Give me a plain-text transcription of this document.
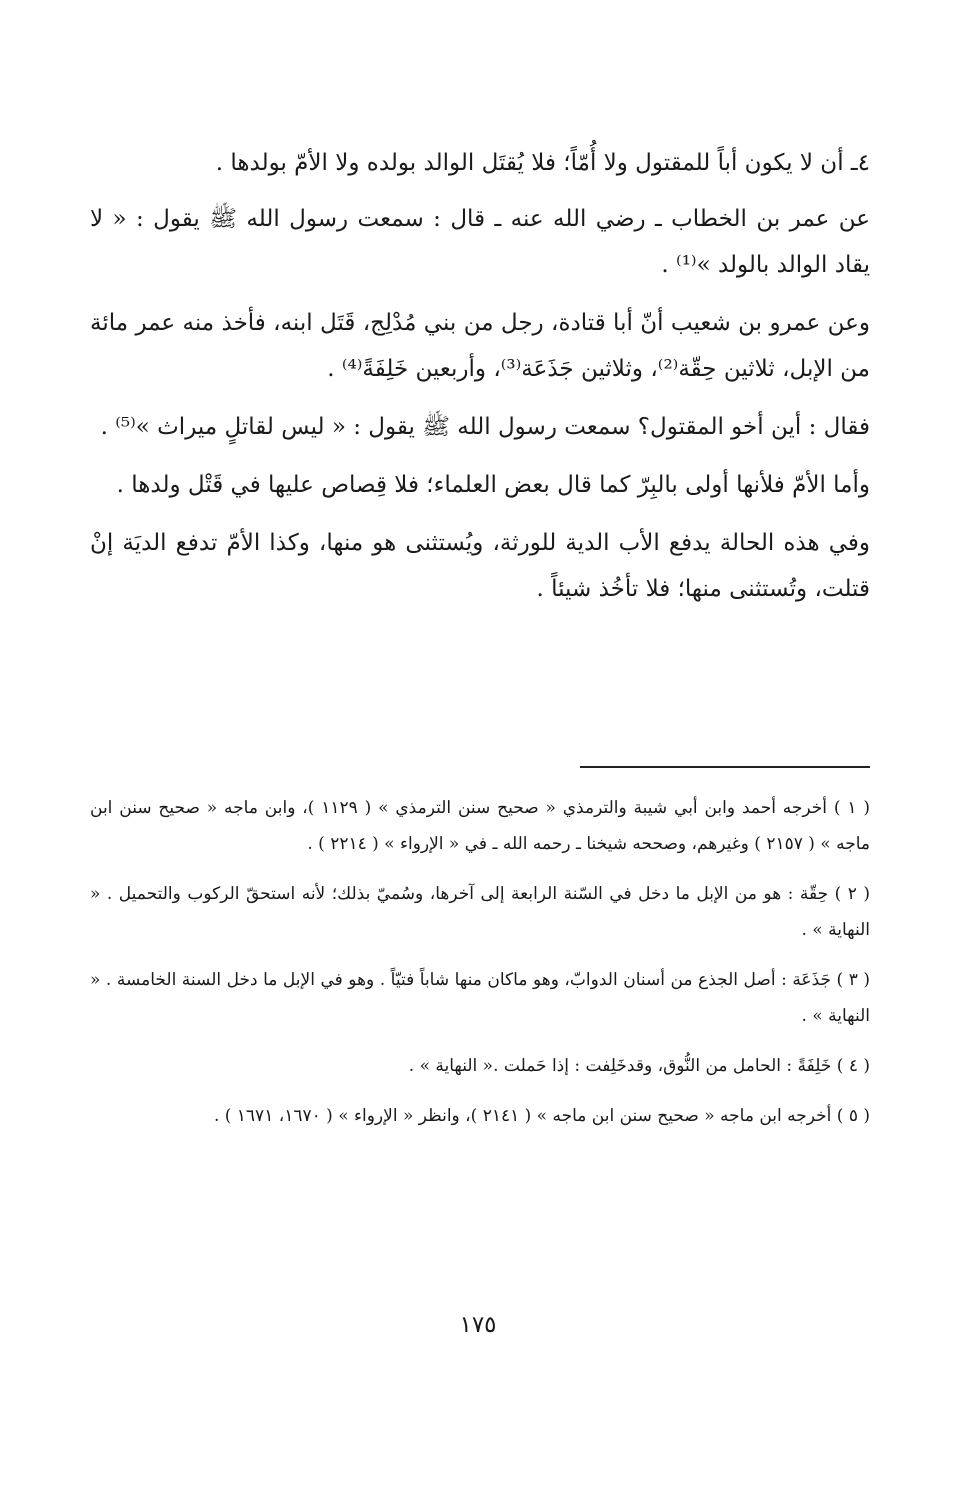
٤ـ أن لا يكون أباً للمقتول ولا أُمّاً؛ فلا يُقتَل الوالد بولده ولا الأمّ بولدها .

عن عمر بن الخطاب ـ رضي الله عنه ـ قال : سمعت رسول الله ﷺ يقول : « لا يقاد الوالد بالولد »⁽¹⁾ .

وعن عمرو بن شعيب أنّ أبا قتادة، رجل من بني مُدْلِج، قَتَل ابنه، فأخذ منه عمر مائة من الإبل، ثلاثين حِقّة⁽²⁾، وثلاثين جَذَعَة⁽³⁾، وأربعين خَلِفَةً⁽⁴⁾ .

فقال : أين أخو المقتول؟ سمعت رسول الله ﷺ يقول : « ليس لقاتلٍ ميراث »⁽⁵⁾ .

وأما الأمّ فلأنها أولى بالبِرّ كما قال بعض العلماء؛ فلا قِصاص عليها في قَتْل ولدها .

وفي هذه الحالة يدفع الأب الدية للورثة، ويُستثنى هو منها، وكذا الأمّ تدفع الديَة إنْ قتلت، وتُستثنى منها؛ فلا تأخُذ شيئاً .

( ١ ) أخرجه أحمد وابن أبي شيبة والترمذي « صحيح سنن الترمذي » ( ١١٢٩ )، وابن ماجه « صحيح سنن ابن ماجه » ( ٢١٥٧ ) وغيرهم، وصححه شيخنا ـ رحمه الله ـ في « الإرواء » ( ٢٢١٤ ) .

( ٢ ) حِقّة : هو من الإبل ما دخل في السّنة الرابعة إلى آخرها، وسُميّ بذلك؛ لأنه استحقّ الركوب والتحميل . « النهاية » .

( ٣ ) جَذَعَة : أصل الجذع من أسنان الدوابّ، وهو ماكان منها شاباً فتيّاً . وهو في الإبل ما دخل السنة الخامسة . « النهاية » .

( ٤ ) خَلِفَةً : الحامل من النُّوق، وقدخَلِفت : إذا حَملت .« النهاية » .

( ٥ ) أخرجه ابن ماجه « صحيح سنن ابن ماجه » ( ٢١٤١ )، وانظر « الإرواء » ( ١٦٧٠، ١٦٧١ ) .

١٧٥
